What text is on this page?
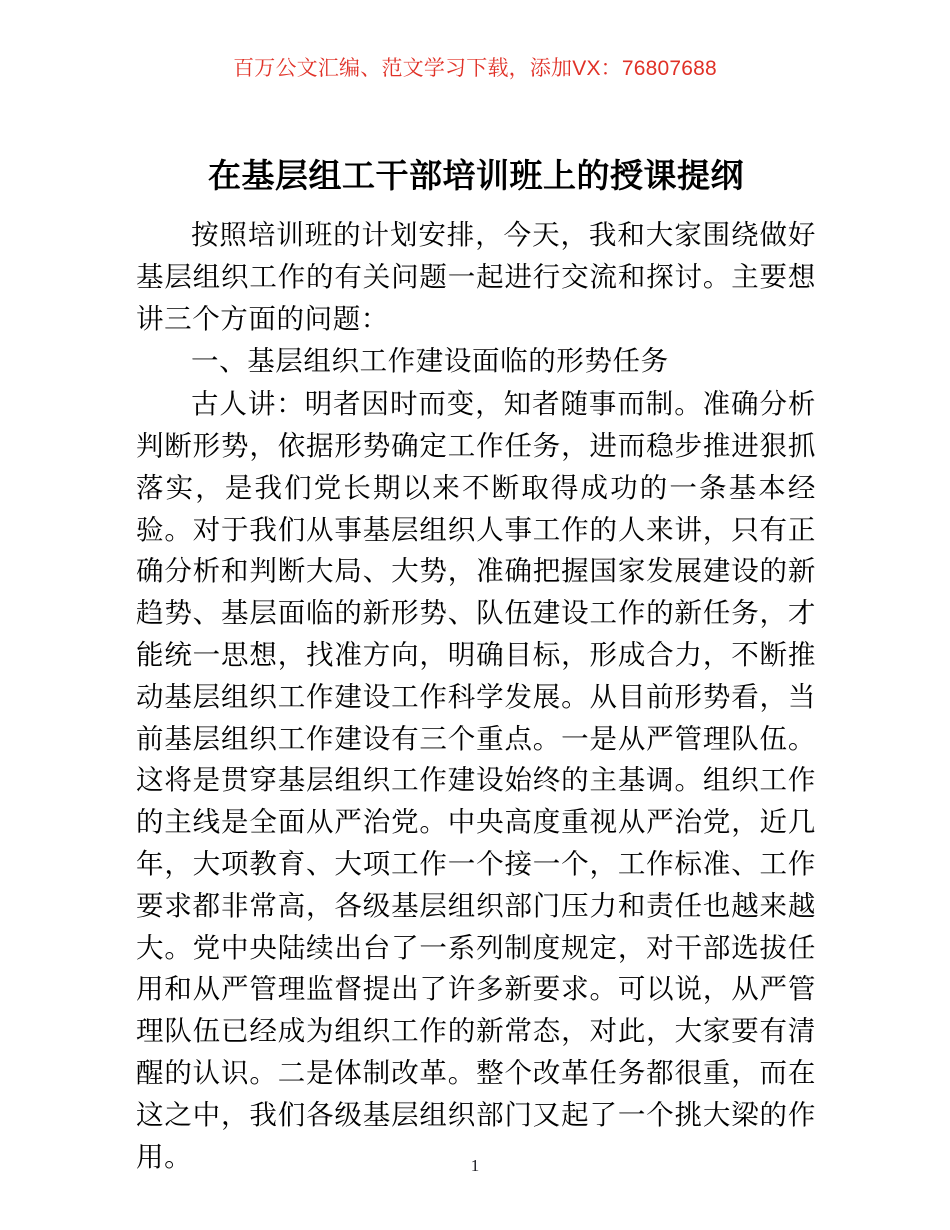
百万公文汇编、范文学习下载，添加VX：76807688
在基层组工干部培训班上的授课提纲

按照培训班的计划安排，今天，我和大家围绕做好基层组织工作的有关问题一起进行交流和探讨。主要想讲三个方面的问题：

一、基层组织工作建设面临的形势任务

古人讲：明者因时而变，知者随事而制。准确分析判断形势，依据形势确定工作任务，进而稳步推进狠抓落实，是我们党长期以来不断取得成功的一条基本经验。对于我们从事基层组织人事工作的人来讲，只有正确分析和判断大局、大势，准确把握国家发展建设的新趋势、基层面临的新形势、队伍建设工作的新任务，才能统一思想，找准方向，明确目标，形成合力，不断推动基层组织工作建设工作科学发展。从目前形势看，当前基层组织工作建设有三个重点。一是从严管理队伍。这将是贯穿基层组织工作建设始终的主基调。组织工作的主线是全面从严治党。中央高度重视从严治党，近几年，大项教育、大项工作一个接一个，工作标准、工作要求都非常高，各级基层组织部门压力和责任也越来越大。党中央陆续出台了一系列制度规定，对干部选拔任用和从严管理监督提出了许多新要求。可以说，从严管理队伍已经成为组织工作的新常态，对此，大家要有清醒的认识。二是体制改革。整个改革任务都很重，而在这之中，我们各级基层组织部门又起了一个挑大梁的作用。	1
